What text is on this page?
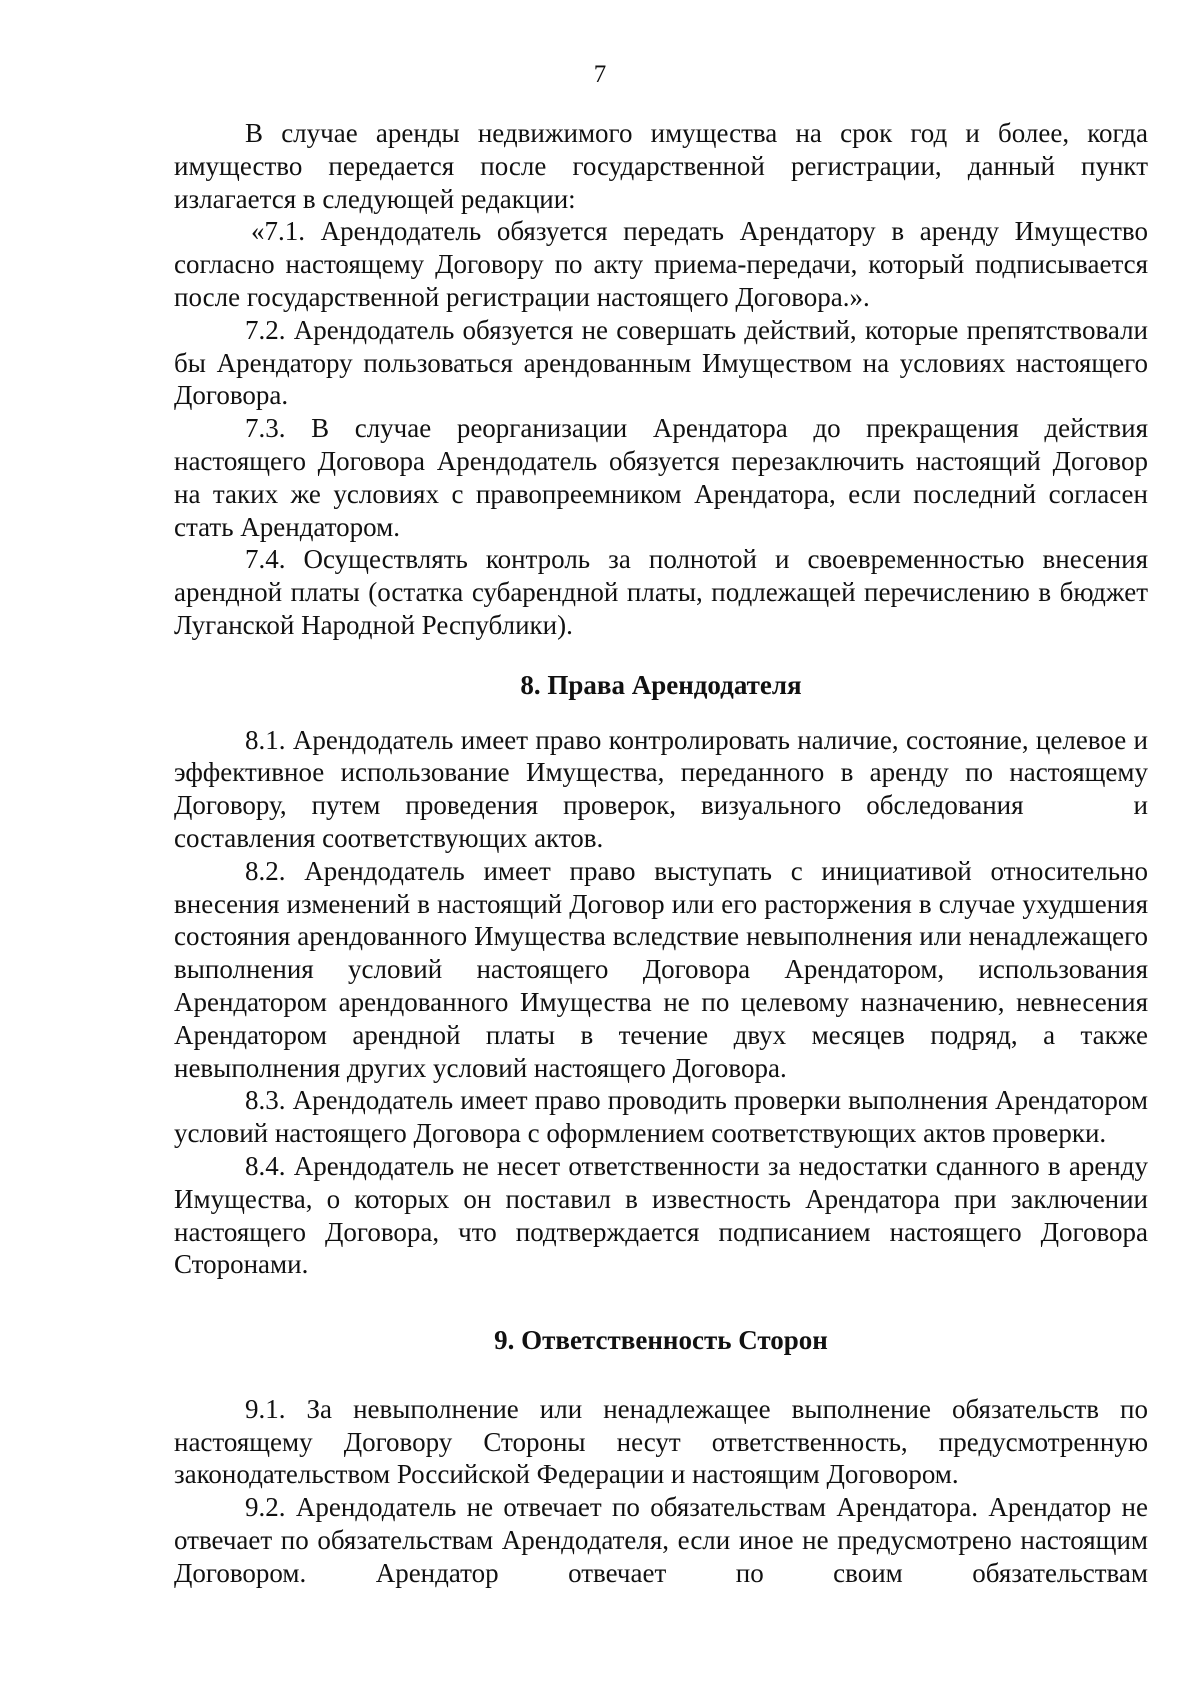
7

В случае аренды недвижимого имущества на срок год и более, когда имущество передается после государственной регистрации, данный пункт излагается в следующей редакции:

«7.1. Арендодатель обязуется передать Арендатору в аренду Имущество согласно настоящему Договору по акту приема-передачи, который подписывается после государственной регистрации настоящего Договора.».

7.2. Арендодатель обязуется не совершать действий, которые препятствовали бы Арендатору пользоваться арендованным Имуществом на условиях настоящего Договора.

7.3. В случае реорганизации Арендатора до прекращения действия настоящего Договора Арендодатель обязуется перезаключить настоящий Договор на таких же условиях с правопреемником Арендатора, если последний согласен стать Арендатором.

7.4. Осуществлять контроль за полнотой и своевременностью внесения арендной платы (остатка субарендной платы, подлежащей перечислению в бюджет Луганской Народной Республики).

8. Права Арендодателя

8.1. Арендодатель имеет право контролировать наличие, состояние, целевое и эффективное использование Имущества, переданного в аренду по настоящему Договору, путем проведения проверок, визуального обследования	и составления соответствующих актов.

8.2. Арендодатель имеет право выступать с инициативой относительно внесения изменений в настоящий Договор или его расторжения в случае ухудшения состояния арендованного Имущества вследствие невыполнения или ненадлежащего выполнения условий настоящего Договора Арендатором, использования Арендатором арендованного Имущества не по целевому назначению, невнесения Арендатором арендной платы в течение двух месяцев подряд, а также невыполнения других условий настоящего Договора.

8.3. Арендодатель имеет право проводить проверки выполнения Арендатором условий настоящего Договора с оформлением соответствующих актов проверки.

8.4. Арендодатель не несет ответственности за недостатки сданного в аренду Имущества, о которых он поставил в известность Арендатора при заключении настоящего Договора, что подтверждается подписанием настоящего Договора Сторонами.

9. Ответственность Сторон

9.1. За невыполнение или ненадлежащее выполнение обязательств по настоящему Договору Стороны несут ответственность, предусмотренную законодательством Российской Федерации и настоящим Договором.

9.2. Арендодатель не отвечает по обязательствам Арендатора. Арендатор не отвечает по обязательствам Арендодателя, если иное не предусмотрено настоящим Договором. Арендатор отвечает по своим обязательствам
